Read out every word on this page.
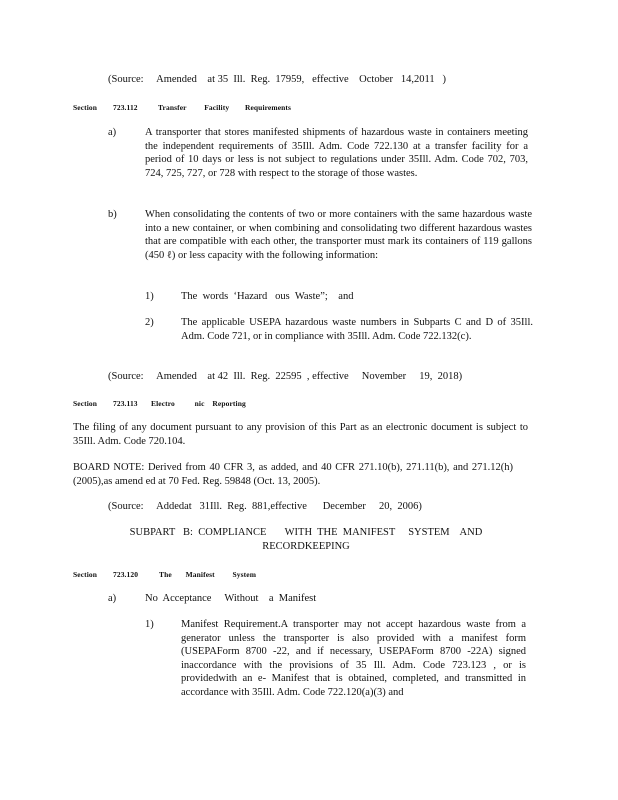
(Source:     Amended    at 35  Ill.  Reg.  17959,   effective    October   14,2011   )

Section 723.112	Transfer         Facility        Requirements
a)	A transporter that stores manifested shipments of hazardous waste in containers meeting the independent requirements of 35Ill. Adm. Code 722.130 at a transfer facility for a period of 10 days or less is not subject to regulations under 35Ill. Adm. Code 702, 703, 724, 725, 727, or 728 with respect to the storage of those wastes.

b)	When consolidating the contents of two or more containers with the same hazardous waste into a new container, or when combining and consolidating two different hazardous wastes that are compatible with each other, the transporter must mark its containers of 119 gallons (450 ℓ) or less capacity with the following information:

1)	The  words  ‘Hazard   ous  Waste”;    and

2)	The applicable USEPA hazardous waste numbers in Subparts C and D of 35Ill. Adm. Code 721, or in compliance with 35Ill. Adm. Code 722.132(c).

(Source:     Amended    at 42  Ill.  Reg.  22595  , effective     November     19,  2018)

Section 723.113 Electro          nic    Reporting

The filing of any document pursuant to any provision of this Part as an electronic document is subject to 35Ill. Adm. Code 720.104.

BOARD NOTE: Derived from 40 CFR 3, as added, and 40 CFR 271.10(b), 271.11(b), and 271.12(h) (2005),as amend ed at 70 Fed. Reg. 59848 (Oct. 13, 2005).

(Source:     Addedat   31Ill.  Reg.  881,effective      December     20,  2006)

SUBPART   B:  COMPLIANCE       WITH  THE  MANIFEST     SYSTEM    AND RECORDKEEPING

Section 723.120	The       Manifest         System
a)	No  Acceptance     Without    a  Manifest

1)	Manifest Requirement.A transporter may not accept hazardous waste from a generator unless the transporter is also provided with a manifest form (USEPAForm 8700 -22, and if necessary, USEPAForm 8700 -22A) signed inaccordance with the provisions of 35 Ill. Adm. Code 723.123 , or is providedwith an e- Manifest that is obtained, completed, and transmitted in accordance with 35Ill. Adm. Code 722.120(a)(3) and
